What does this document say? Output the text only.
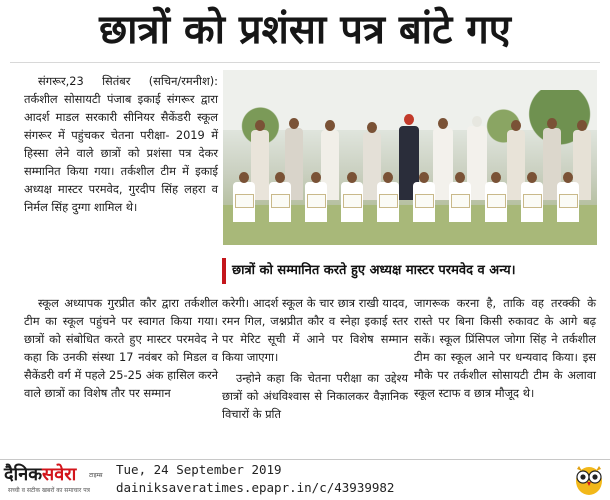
छात्रों को प्रशंसा पत्र बांटे गए

संगरूर,23 सितंबर (सचिन/रमनीश): तर्कशील सोसायटी पंजाब इकाई संगरूर द्वारा आदर्श माडल सरकारी सीनियर सैकेंडरी स्कूल संगरूर में पहुंचकर चेतना परीक्षा- 2019 में हिस्सा लेने वाले छात्रों को प्रशंसा पत्र देकर सम्मानित किया गया। तर्कशील टीम में इकाई अध्यक्ष मास्टर परमवेद, गुरदीप सिंह लहरा व निर्मल सिंह दुग्गा शामिल थे।

छात्रों को सम्मानित करते हुए अध्यक्ष मास्टर परमवेद व अन्य।

स्कूल अध्यापक गुरप्रीत कौर द्वारा तर्कशील टीम का स्कूल पहुंचने पर स्वागत किया गया। छात्रों को संबोधित करते हुए मास्टर परमवेद ने कहा कि उनकी संस्था 17 नवंबर को मिडल व सैकेंडरी वर्ग में पहले 25-25 अंक हासिल करने वाले छात्रों का विशेष तौर पर सम्मान

करेगी। आदर्श स्कूल के चार छात्र राखी यादव, रमन गिल, जश्नप्रीत कौर व स्नेहा इकाई स्तर पर मेरिट सूची में आने पर विशेष सम्मान किया जाएगा।

उन्होने कहा कि चेतना परीक्षा का उद्देश्य छात्रों को अंधविश्वास से निकालकर वैज्ञानिक विचारों के प्रति

जागरूक करना है, ताकि वह तरक्की के रास्ते पर बिना किसी रुकावट के आगे बढ़ सकें। स्कूल प्रिंसिपल जोगा सिंह ने तर्कशील टीम का स्कूल आने पर धन्यवाद किया। इस मौके पर तर्कशील सोसायटी टीम के अलावा स्कूल स्टाफ व छात्र मौजूद थे।

दैनिकसवेरा टाइम्स
सच्ची व सटीक खबरों का समाचार पत्र
Tue, 24 September 2019
dainiksaveratimes.epapr.in/c/43939982
